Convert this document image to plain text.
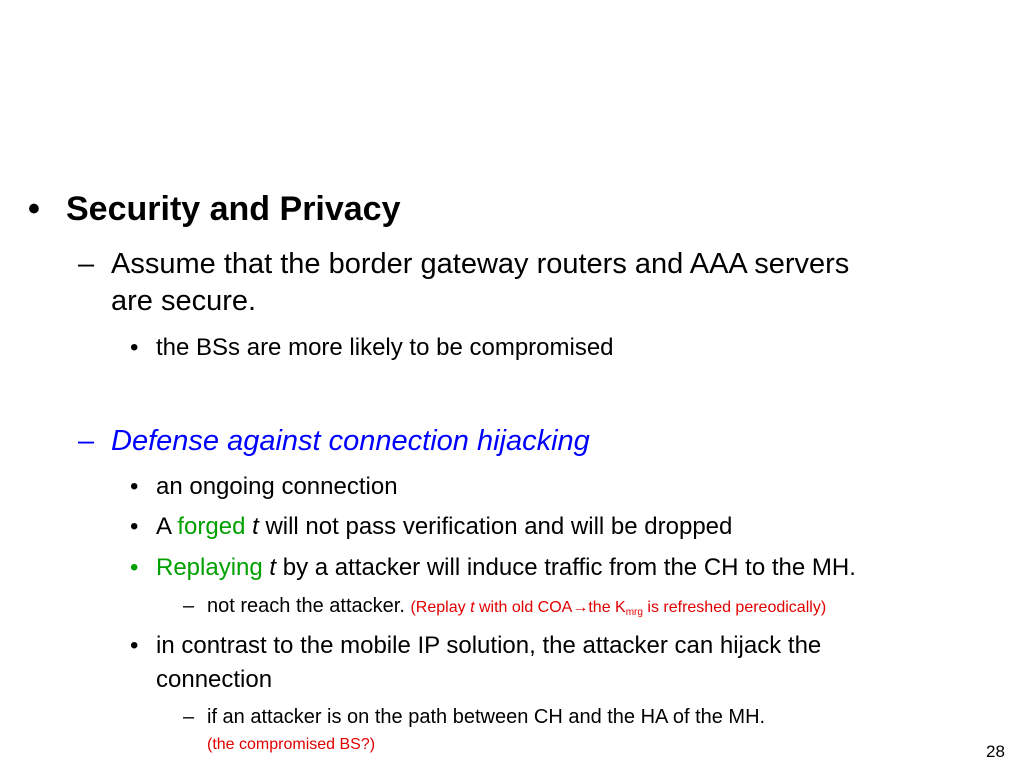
• Security and Privacy
– Assume that the border gateway routers and AAA servers
are secure.
• the BSs are more likely to be compromised
– Defense against connection hijacking
• an ongoing connection
• A forged t will not pass verification and will be dropped
• Replaying t by a attacker will induce traffic from the CH to the MH.
– not reach the attacker. (Replay t with old COA→the $K_{mrg}$ is refreshed pereodically)
• in contrast to the mobile IP solution, the attacker can hijack the
connection
– if an attacker is on the path between CH and the HA of the MH.
(the compromised BS?)	28
